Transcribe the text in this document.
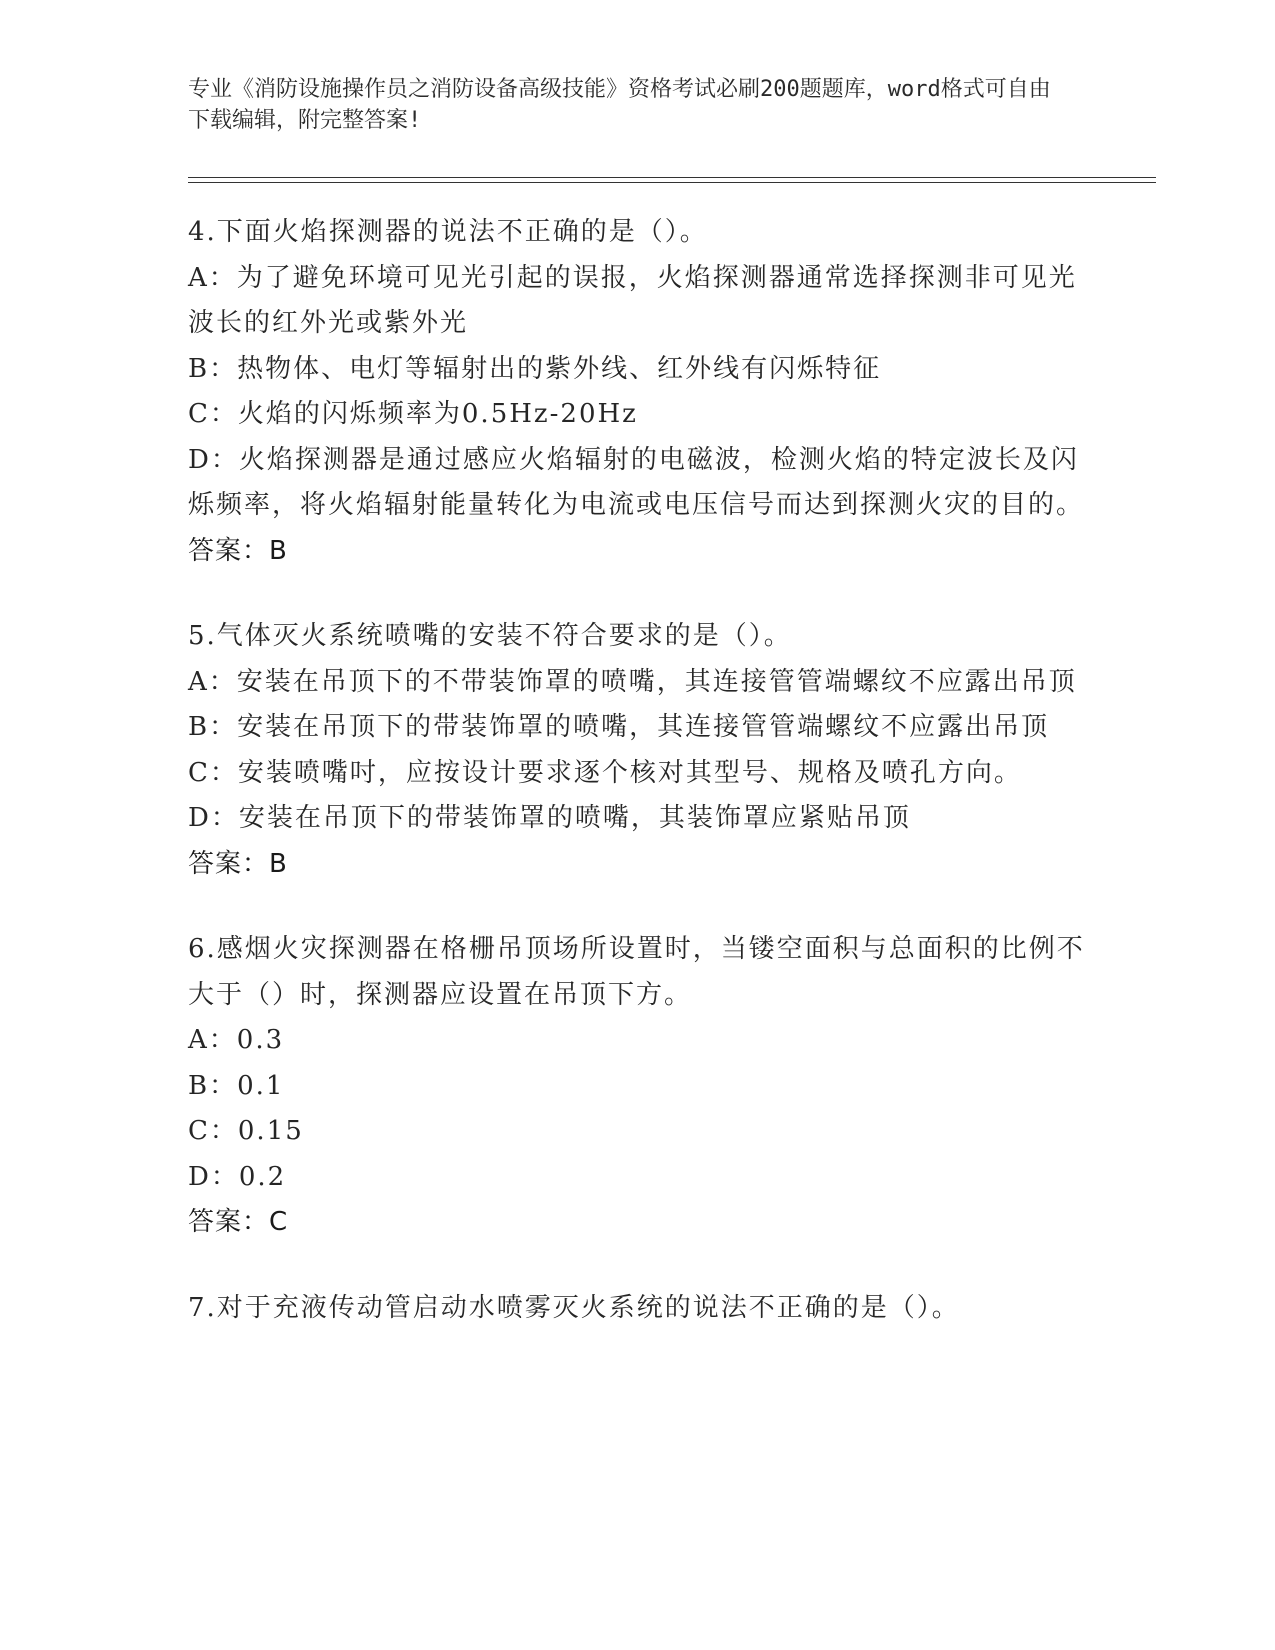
专业《消防设施操作员之消防设备高级技能》资格考试必刷200题题库，word格式可自由下载编辑，附完整答案!
4.下面火焰探测器的说法不正确的是（）。
A：为了避免环境可见光引起的误报，火焰探测器通常选择探测非可见光波长的红外光或紫外光
B：热物体、电灯等辐射出的紫外线、红外线有闪烁特征
C：火焰的闪烁频率为0.5Hz-20Hz
D：火焰探测器是通过感应火焰辐射的电磁波，检测火焰的特定波长及闪烁频率，将火焰辐射能量转化为电流或电压信号而达到探测火灾的目的。
答案：B
5.气体灭火系统喷嘴的安装不符合要求的是（）。
A：安装在吊顶下的不带装饰罩的喷嘴，其连接管管端螺纹不应露出吊顶
B：安装在吊顶下的带装饰罩的喷嘴，其连接管管端螺纹不应露出吊顶
C：安装喷嘴吋，应按设计要求逐个核对其型号、规格及喷孔方向。
D：安装在吊顶下的带装饰罩的喷嘴，其装饰罩应紧贴吊顶
答案：B
6.感烟火灾探测器在格栅吊顶场所设置时，当镂空面积与总面积的比例不大于（）时，探测器应设置在吊顶下方。
A：0.3
B：0.1
C：0.15
D：0.2
答案：C
7.对于充液传动管启动水喷雾灭火系统的说法不正确的是（）。
